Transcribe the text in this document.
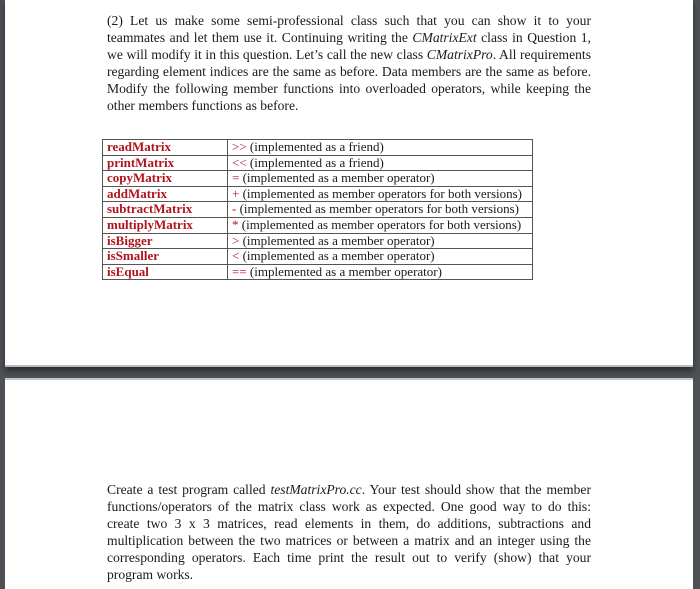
(2) Let us make some semi-professional class such that you can show it to your teammates and let them use it. Continuing writing the CMatrixExt class in Question 1, we will modify it in this question. Let’s call the new class CMatrixPro. All requirements regarding element indices are the same as before. Data members are the same as before. Modify the following member functions into overloaded operators, while keeping the other members functions as before.

readMatrix	>> (implemented as a friend)
printMatrix	<< (implemented as a friend)
copyMatrix	= (implemented as a member operator)
addMatrix	+ (implemented as member operators for both versions)
subtractMatrix	- (implemented as member operators for both versions)
multiplyMatrix	* (implemented as member operators for both versions)
isBigger	> (implemented as a member operator)
isSmaller	< (implemented as a member operator)
isEqual	== (implemented as a member operator)

Create a test program called testMatrixPro.cc. Your test should show that the member functions/operators of the matrix class work as expected. One good way to do this: create two 3 x 3 matrices, read elements in them, do additions, subtractions and multiplication between the two matrices or between a matrix and an integer using the corresponding operators. Each time print the result out to verify (show) that your program works.
